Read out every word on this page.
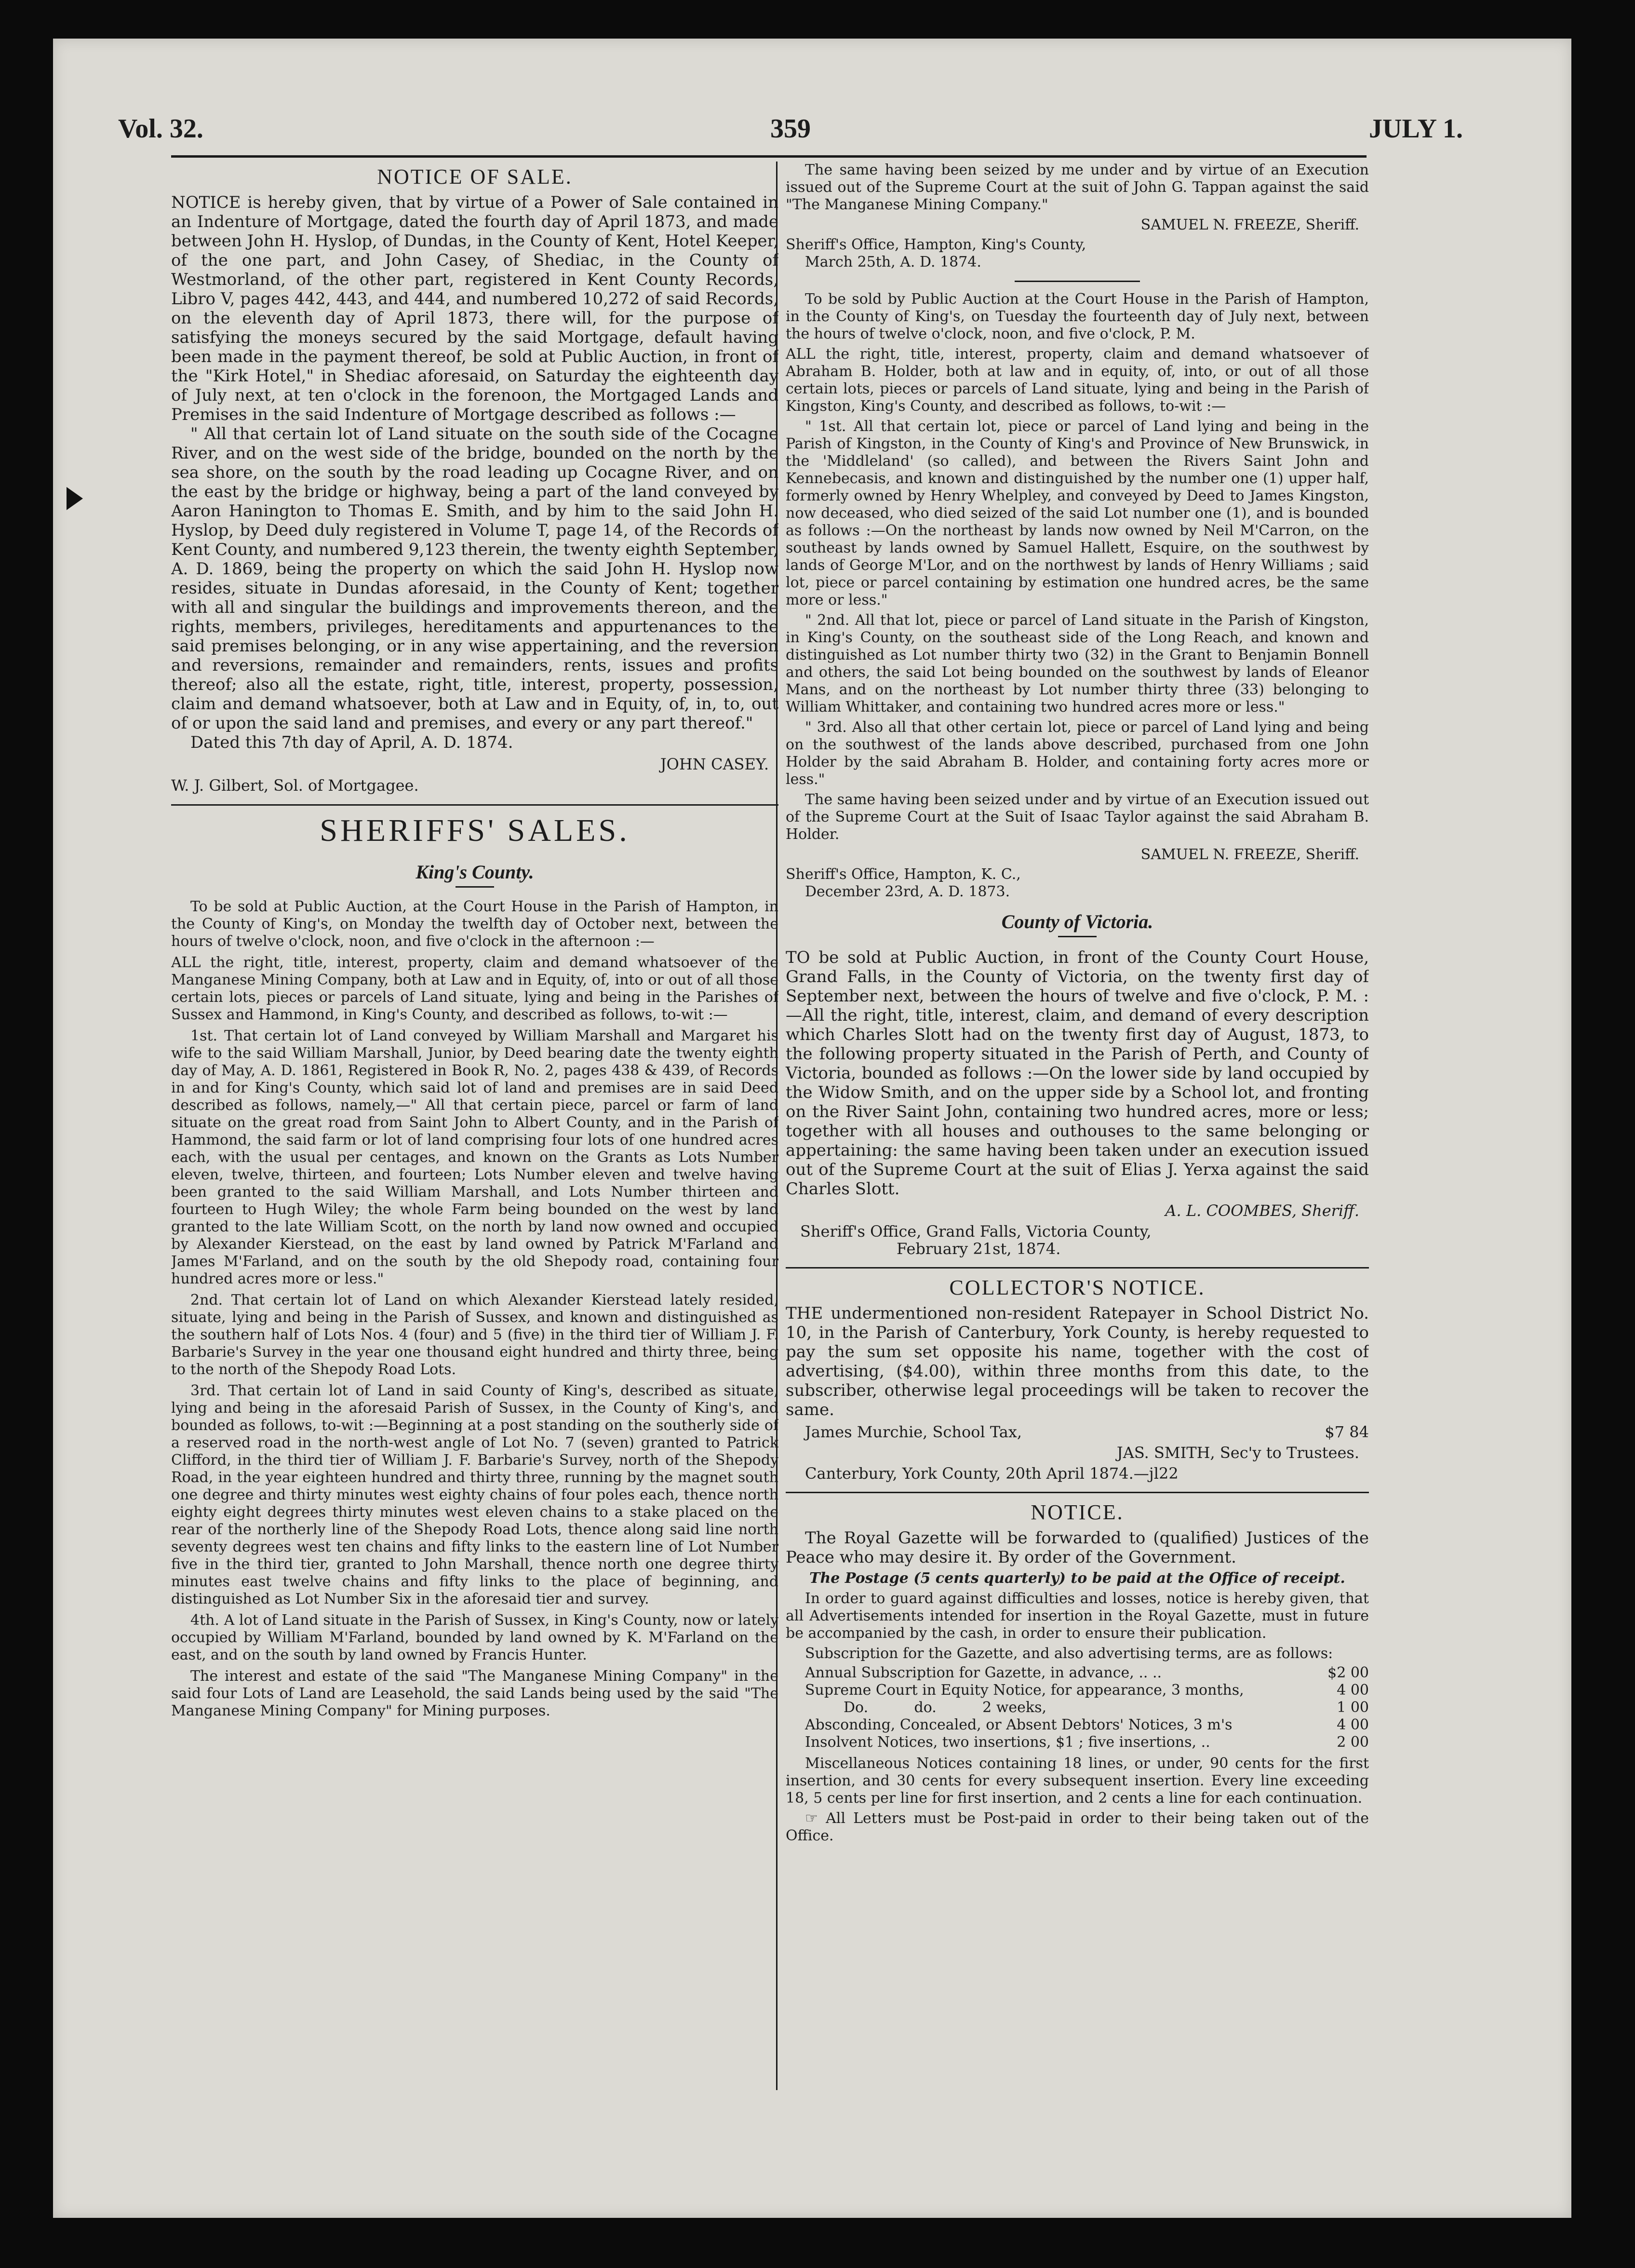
Vol. 32.	359	JULY 1.
NOTICE OF SALE.

NOTICE is hereby given, that by virtue of a Power of Sale contained in an Indenture of Mortgage, dated the fourth day of April 1873, and made between John H. Hyslop, of Dundas, in the County of Kent, Hotel Keeper, of the one part, and John Casey, of Shediac, in the County of Westmorland, of the other part, registered in Kent County Records, Libro V, pages 442, 443, and 444, and numbered 10,272 of said Records, on the eleventh day of April 1873, there will, for the purpose of satisfying the moneys secured by the said Mortgage, default having been made in the payment thereof, be sold at Public Auction, in front of the "Kirk Hotel," in Shediac aforesaid, on Saturday the eighteenth day of July next, at ten o'clock in the forenoon, the Mortgaged Lands and Premises in the said Indenture of Mortgage described as follows :—

" All that certain lot of Land situate on the south side of the Cocagne River, and on the west side of the bridge, bounded on the north by the sea shore, on the south by the road leading up Cocagne River, and on the east by the bridge or highway, being a part of the land conveyed by Aaron Hanington to Thomas E. Smith, and by him to the said John H. Hyslop, by Deed duly registered in Volume T, page 14, of the Records of Kent County, and numbered 9,123 therein, the twenty eighth September, A. D. 1869, being the property on which the said John H. Hyslop now resides, situate in Dundas aforesaid, in the County of Kent; together with all and singular the buildings and improvements thereon, and the rights, members, privileges, hereditaments and appurtenances to the said premises belonging, or in any wise appertaining, and the reversion and reversions, remainder and remainders, rents, issues and profits thereof; also all the estate, right, title, interest, property, possession, claim and demand whatsoever, both at Law and in Equity, of, in, to, out of or upon the said land and premises, and every or any part thereof."

Dated this 7th day of April, A. D. 1874.

JOHN CASEY.
W. J. Gilbert, Sol. of Mortgagee.
SHERIFFS' SALES.
King's County.

To be sold at Public Auction, at the Court House in the Parish of Hampton, in the County of King's, on Monday the twelfth day of October next, between the hours of twelve o'clock, noon, and five o'clock in the afternoon :—

ALL the right, title, interest, property, claim and demand whatsoever of the Manganese Mining Company, both at Law and in Equity, of, into or out of all those certain lots, pieces or parcels of Land situate, lying and being in the Parishes of Sussex and Hammond, in King's County, and described as follows, to-wit :—

1st. That certain lot of Land conveyed by William Marshall and Margaret his wife to the said William Marshall, Junior, by Deed bearing date the twenty eighth day of May, A. D. 1861, Registered in Book R, No. 2, pages 438 & 439, of Records in and for King's County, which said lot of land and premises are in said Deed described as follows, namely,—" All that certain piece, parcel or farm of land situate on the great road from Saint John to Albert County, and in the Parish of Hammond, the said farm or lot of land comprising four lots of one hundred acres each, with the usual per centages, and known on the Grants as Lots Number eleven, twelve, thirteen, and fourteen; Lots Number eleven and twelve having been granted to the said William Marshall, and Lots Number thirteen and fourteen to Hugh Wiley; the whole Farm being bounded on the west by land granted to the late William Scott, on the north by land now owned and occupied by Alexander Kierstead, on the east by land owned by Patrick M'Farland and James M'Farland, and on the south by the old Shepody road, containing four hundred acres more or less."

2nd. That certain lot of Land on which Alexander Kierstead lately resided, situate, lying and being in the Parish of Sussex, and known and distinguished as the southern half of Lots Nos. 4 (four) and 5 (five) in the third tier of William J. F. Barbarie's Survey in the year one thousand eight hundred and thirty three, being to the north of the Shepody Road Lots.

3rd. That certain lot of Land in said County of King's, described as situate, lying and being in the aforesaid Parish of Sussex, in the County of King's, and bounded as follows, to-wit :—Beginning at a post standing on the southerly side of a reserved road in the north-west angle of Lot No. 7 (seven) granted to Patrick Clifford, in the third tier of William J. F. Barbarie's Survey, north of the Shepody Road, in the year eighteen hundred and thirty three, running by the magnet south one degree and thirty minutes west eighty chains of four poles each, thence north eighty eight degrees thirty minutes west eleven chains to a stake placed on the rear of the northerly line of the Shepody Road Lots, thence along said line north seventy degrees west ten chains and fifty links to the eastern line of Lot Number five in the third tier, granted to John Marshall, thence north one degree thirty minutes east twelve chains and fifty links to the place of beginning, and distinguished as Lot Number Six in the aforesaid tier and survey.

4th. A lot of Land situate in the Parish of Sussex, in King's County, now or lately occupied by William M'Farland, bounded by land owned by K. M'Farland on the east, and on the south by land owned by Francis Hunter.

The interest and estate of the said "The Manganese Mining Company" in the said four Lots of Land are Leasehold, the said Lands being used by the said "The Manganese Mining Company" for Mining purposes.

The same having been seized by me under and by virtue of an Execution issued out of the Supreme Court at the suit of John G. Tappan against the said "The Manganese Mining Company."

SAMUEL N. FREEZE, Sheriff.
Sheriff's Office, Hampton, King's County,
March 25th, A. D. 1874.

To be sold by Public Auction at the Court House in the Parish of Hampton, in the County of King's, on Tuesday the fourteenth day of July next, between the hours of twelve o'clock, noon, and five o'clock, P. M.

ALL the right, title, interest, property, claim and demand whatsoever of Abraham B. Holder, both at law and in equity, of, into, or out of all those certain lots, pieces or parcels of Land situate, lying and being in the Parish of Kingston, King's County, and described as follows, to-wit :—

" 1st. All that certain lot, piece or parcel of Land lying and being in the Parish of Kingston, in the County of King's and Province of New Brunswick, in the 'Middleland' (so called), and between the Rivers Saint John and Kennebecasis, and known and distinguished by the number one (1) upper half, formerly owned by Henry Whelpley, and conveyed by Deed to James Kingston, now deceased, who died seized of the said Lot number one (1), and is bounded as follows :—On the northeast by lands now owned by Neil M'Carron, on the southeast by lands owned by Samuel Hallett, Esquire, on the southwest by lands of George M'Lor, and on the northwest by lands of Henry Williams ; said lot, piece or parcel containing by estimation one hundred acres, be the same more or less."

" 2nd. All that lot, piece or parcel of Land situate in the Parish of Kingston, in King's County, on the southeast side of the Long Reach, and known and distinguished as Lot number thirty two (32) in the Grant to Benjamin Bonnell and others, the said Lot being bounded on the southwest by lands of Eleanor Mans, and on the northeast by Lot number thirty three (33) belonging to William Whittaker, and containing two hundred acres more or less."

" 3rd. Also all that other certain lot, piece or parcel of Land lying and being on the southwest of the lands above described, purchased from one John Holder by the said Abraham B. Holder, and containing forty acres more or less."

The same having been seized under and by virtue of an Execution issued out of the Supreme Court at the Suit of Isaac Taylor against the said Abraham B. Holder.

SAMUEL N. FREEZE, Sheriff.
Sheriff's Office, Hampton, K. C.,
December 23rd, A. D. 1873.
County of Victoria.

TO be sold at Public Auction, in front of the County Court House, Grand Falls, in the County of Victoria, on the twenty first day of September next, between the hours of twelve and five o'clock, P. M. :—All the right, title, interest, claim, and demand of every description which Charles Slott had on the twenty first day of August, 1873, to the following property situated in the Parish of Perth, and County of Victoria, bounded as follows :—On the lower side by land occupied by the Widow Smith, and on the upper side by a School lot, and fronting on the River Saint John, containing two hundred acres, more or less; together with all houses and outhouses to the same belonging or appertaining: the same having been taken under an execution issued out of the Supreme Court at the suit of Elias J. Yerxa against the said Charles Slott.

A. L. COOMBES, Sheriff.
Sheriff's Office, Grand Falls, Victoria County,
February 21st, 1874.
COLLECTOR'S NOTICE.

THE undermentioned non-resident Ratepayer in School District No. 10, in the Parish of Canterbury, York County, is hereby requested to pay the sum set opposite his name, together with the cost of advertising, ($4.00), within three months from this date, to the subscriber, otherwise legal proceedings will be taken to recover the same.

James Murchie, School Tax,	$7 84
JAS. SMITH, Sec'y to Trustees.
Canterbury, York County, 20th April 1874.—jl22
NOTICE.

The Royal Gazette will be forwarded to (qualified) Justices of the Peace who may desire it. By order of the Government.

The Postage (5 cents quarterly) to be paid at the Office of receipt.

In order to guard against difficulties and losses, notice is hereby given, that all Advertisements intended for insertion in the Royal Gazette, must in future be accompanied by the cash, in order to ensure their publication.

Subscription for the Gazette, and also advertising terms, are as follows:

Annual Subscription for Gazette, in advance, .. ..	$2 00
Supreme Court in Equity Notice, for appearance, 3 months,	4 00
Do.          do.          2 weeks,	1 00
Absconding, Concealed, or Absent Debtors' Notices, 3 m's	4 00
Insolvent Notices, two insertions, $1 ; five insertions, ..	2 00

Miscellaneous Notices containing 18 lines, or under, 90 cents for the first insertion, and 30 cents for every subsequent insertion. Every line exceeding 18, 5 cents per line for first insertion, and 2 cents a line for each continuation.

☞ All Letters must be Post-paid in order to their being taken out of the Office.
